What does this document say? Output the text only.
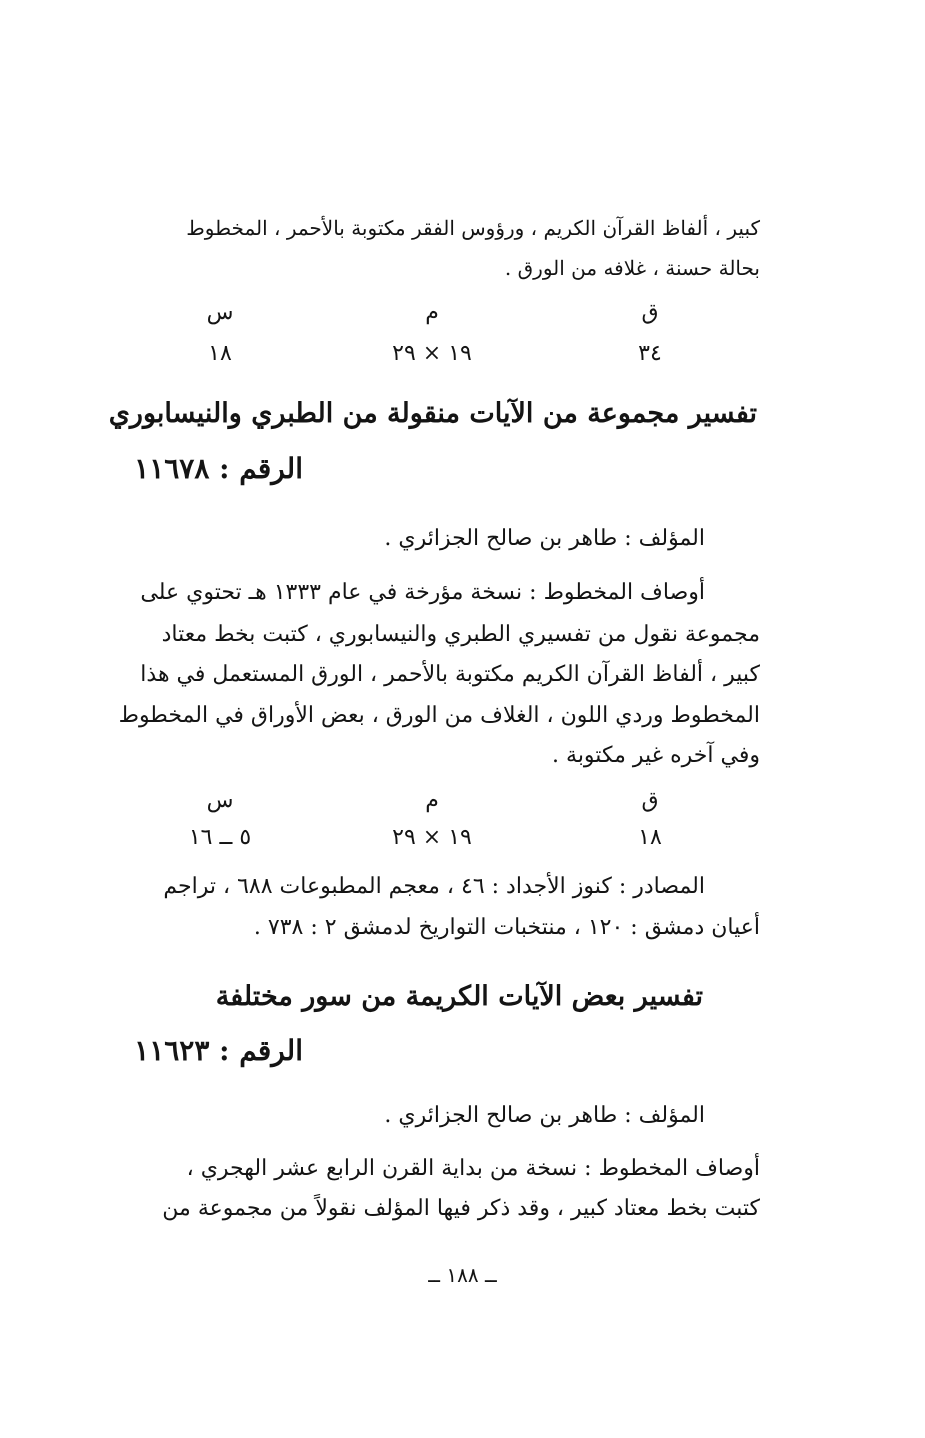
كبير ، ألفاظ القرآن الكريم ، ورؤوس الفقر مكتوبة بالأحمر ، المخطوط
بحالة حسنة ، غلافه من الورق .
ق
م
س
٣٤
١٩ × ٢٩
١٨
تفسير مجموعة من الآيات منقولة من الطبري والنيسابوري
الرقم : ١١٦٧٨
المؤلف : طاهر بن صالح الجزائري .
أوصاف المخطوط : نسخة مؤرخة في عام ١٣٣٣ هـ تحتوي على
مجموعة نقول من تفسيري الطبري والنيسابوري ، كتبت بخط معتاد
كبير ، ألفاظ القرآن الكريم مكتوبة بالأحمر ، الورق المستعمل في هذا
المخطوط وردي اللون ، الغلاف من الورق ، بعض الأوراق في المخطوط
وفي آخره غير مكتوبة .
ق
م
س
١٨
١٩ × ٢٩
٥ ــ ١٦
المصادر : كنوز الأجداد : ٤٦ ، معجم المطبوعات ٦٨٨ ، تراجم
أعيان دمشق : ١٢٠ ، منتخبات التواريخ لدمشق ٢ : ٧٣٨ .
تفسير بعض الآيات الكريمة من سور مختلفة
الرقم : ١١٦٢٣
المؤلف : طاهر بن صالح الجزائري .
أوصاف المخطوط : نسخة من بداية القرن الرابع عشر الهجري ،
كتبت بخط معتاد كبير ، وقد ذكر فيها المؤلف نقولاً من مجموعة من
ــ ١٨٨ ــ
